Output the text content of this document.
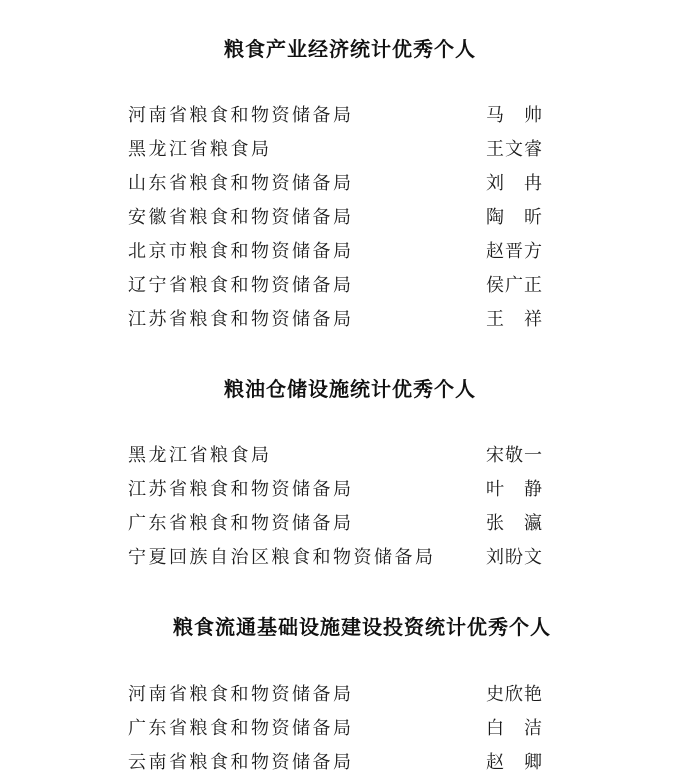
粮食产业经济统计优秀个人
河南省粮食和物资储备局	马　帅
黑龙江省粮食局	王文睿
山东省粮食和物资储备局	刘　冉
安徽省粮食和物资储备局	陶　昕
北京市粮食和物资储备局	赵晋方
辽宁省粮食和物资储备局	侯广正
江苏省粮食和物资储备局	王　祥
粮油仓储设施统计优秀个人
黑龙江省粮食局	宋敬一
江苏省粮食和物资储备局	叶　静
广东省粮食和物资储备局	张　瀛
宁夏回族自治区粮食和物资储备局	刘盼文
粮食流通基础设施建设投资统计优秀个人
河南省粮食和物资储备局	史欣艳
广东省粮食和物资储备局	白　洁
云南省粮食和物资储备局	赵　卿
